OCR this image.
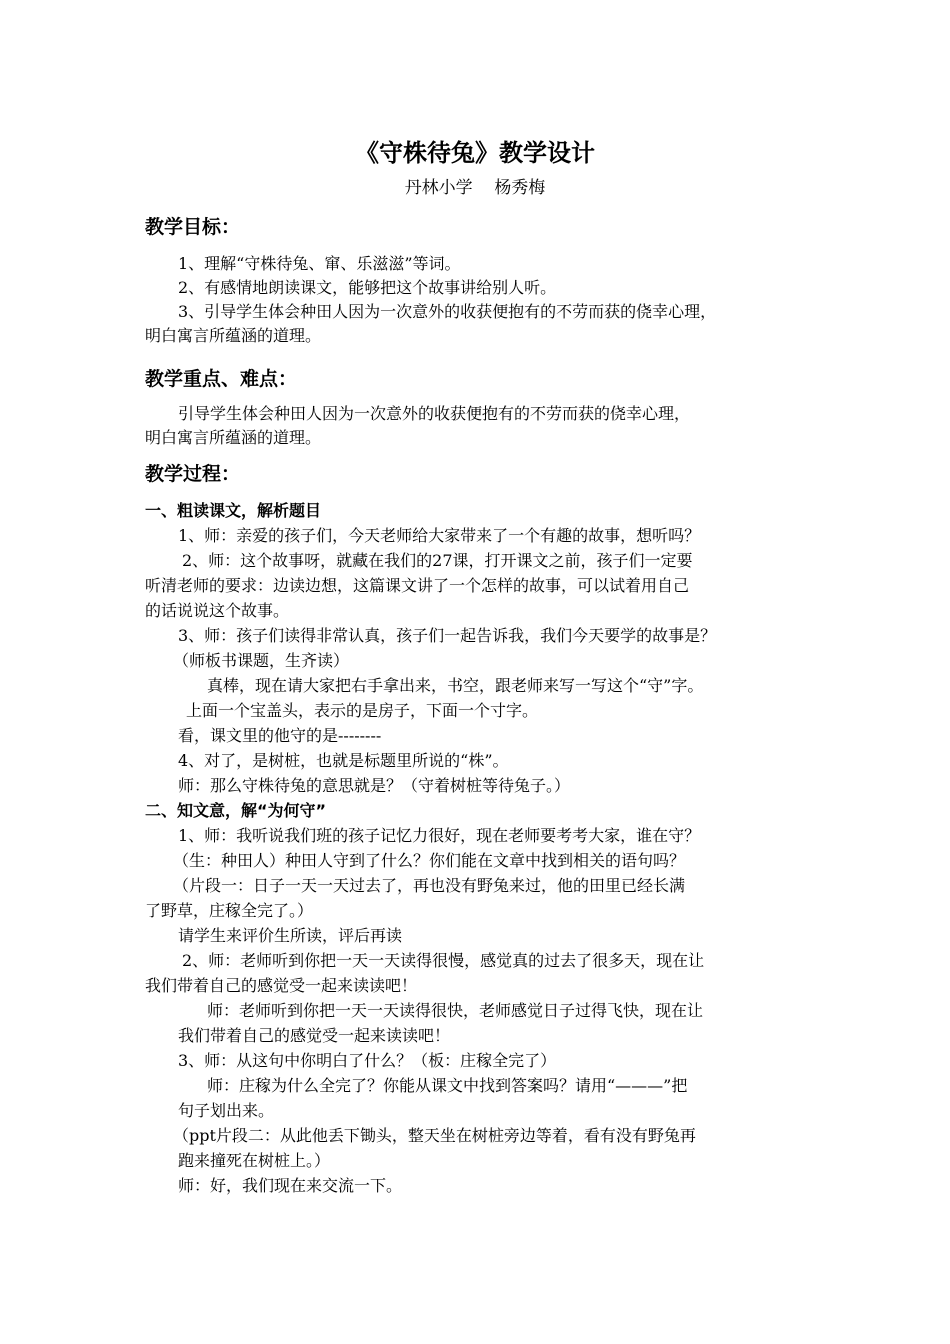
《守株待兔》教学设计
丹林小学 杨秀梅
教学目标：
1、理解“守株待兔、窜、乐滋滋”等词。
2、有感情地朗读课文，能够把这个故事讲给别人听。
3、引导学生体会种田人因为一次意外的收获便抱有的不劳而获的侥幸心理，
明白寓言所蕴涵的道理。
教学重点、难点：
引导学生体会种田人因为一次意外的收获便抱有的不劳而获的侥幸心理，
明白寓言所蕴涵的道理。
教学过程：
一、粗读课文，解析题目
1、师：亲爱的孩子们，今天老师给大家带来了一个有趣的故事，想听吗？
2、师：这个故事呀，就藏在我们的27课，打开课文之前，孩子们一定要
听清老师的要求：边读边想，这篇课文讲了一个怎样的故事，可以试着用自己
的话说说这个故事。
3、师：孩子们读得非常认真，孩子们一起告诉我，我们今天要学的故事是？
（师板书课题，生齐读）
真棒，现在请大家把右手拿出来，书空，跟老师来写一写这个“守”字。
上面一个宝盖头，表示的是房子，下面一个寸字。
看，课文里的他守的是--------
4、对了，是树桩，也就是标题里所说的“株”。
师：那么守株待兔的意思就是？（守着树桩等待兔子。）
二、知文意，解“为何守”
1、师：我听说我们班的孩子记忆力很好，现在老师要考考大家，谁在守？
（生：种田人）种田人守到了什么？你们能在文章中找到相关的语句吗？
（片段一：日子一天一天过去了，再也没有野兔来过，他的田里已经长满
了野草，庄稼全完了。）
请学生来评价生所读，评后再读
2、师：老师听到你把一天一天读得很慢，感觉真的过去了很多天，现在让
我们带着自己的感觉受一起来读读吧！
师：老师听到你把一天一天读得很快，老师感觉日子过得飞快，现在让
我们带着自己的感觉受一起来读读吧！
3、师：从这句中你明白了什么？（板：庄稼全完了）
师：庄稼为什么全完了？你能从课文中找到答案吗？请用“———”把
句子划出来。
（ppt片段二：从此他丢下锄头，整天坐在树桩旁边等着，看有没有野兔再
跑来撞死在树桩上。）
师：好，我们现在来交流一下。
